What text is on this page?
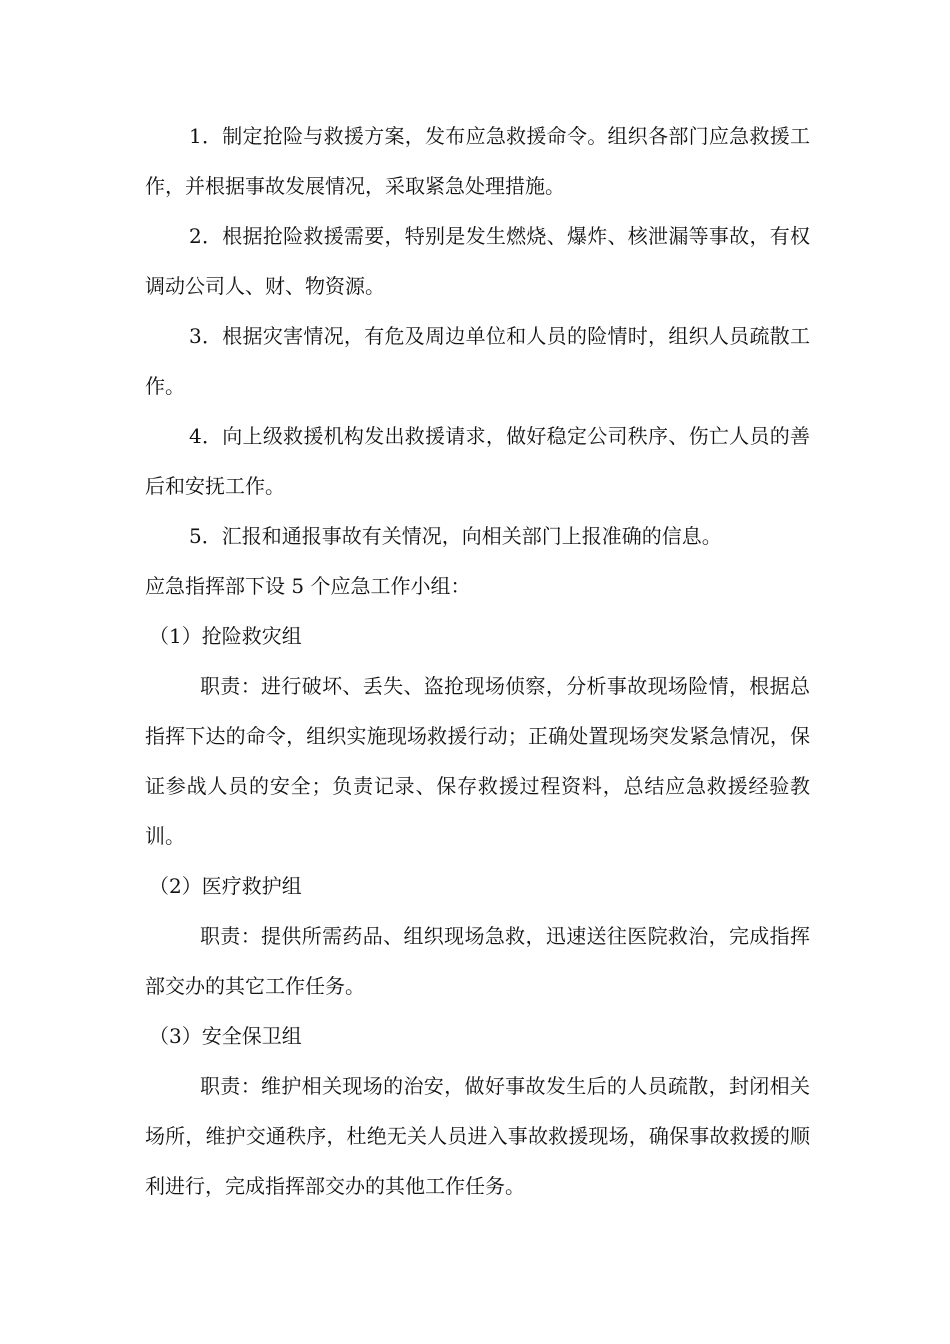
1．制定抢险与救援方案，发布应急救援命令。组织各部门应急救援工作，并根据事故发展情况，采取紧急处理措施。

2．根据抢险救援需要，特别是发生燃烧、爆炸、核泄漏等事故，有权调动公司人、财、物资源。

3．根据灾害情况，有危及周边单位和人员的险情时，组织人员疏散工作。

4．向上级救援机构发出救援请求，做好稳定公司秩序、伤亡人员的善后和安抚工作。

5．汇报和通报事故有关情况，向相关部门上报准确的信息。

应急指挥部下设 5 个应急工作小组：

（1）抢险救灾组

职责：进行破坏、丢失、盗抢现场侦察，分析事故现场险情，根据总指挥下达的命令，组织实施现场救援行动；正确处置现场突发紧急情况，保证参战人员的安全；负责记录、保存救援过程资料，总结应急救援经验教训。

（2）医疗救护组

职责：提供所需药品、组织现场急救，迅速送往医院救治，完成指挥部交办的其它工作任务。

（3）安全保卫组

职责：维护相关现场的治安，做好事故发生后的人员疏散，封闭相关场所，维护交通秩序，杜绝无关人员进入事故救援现场，确保事故救援的顺利进行，完成指挥部交办的其他工作任务。
